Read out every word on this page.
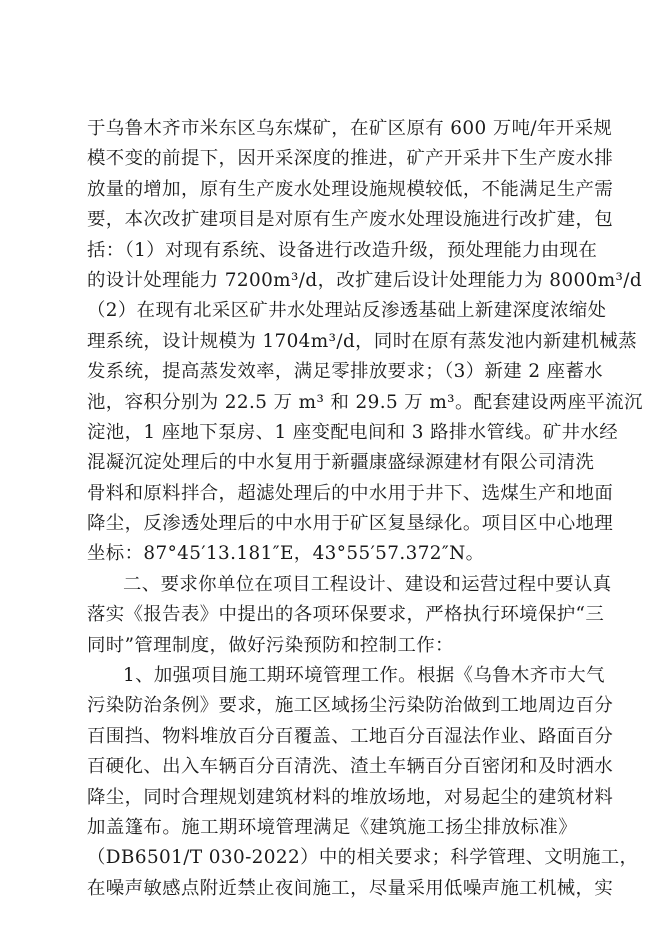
于乌鲁木齐市米东区乌东煤矿，在矿区原有 600 万吨/年开采规
模不变的前提下，因开采深度的推进，矿产开采井下生产废水排
放量的增加，原有生产废水处理设施规模较低，不能满足生产需
要，本次改扩建项目是对原有生产废水处理设施进行改扩建，包
括：（1）对现有系统、设备进行改造升级，预处理能力由现在
的设计处理能力 7200m³/d，改扩建后设计处理能力为 8000m³/d
（2）在现有北采区矿井水处理站反渗透基础上新建深度浓缩处
理系统，设计规模为 1704m³/d，同时在原有蒸发池内新建机械蒸
发系统，提高蒸发效率，满足零排放要求；（3）新建 2 座蓄水
池，容积分别为 22.5 万 m³ 和 29.5 万 m³。配套建设两座平流沉
淀池，1 座地下泵房、1 座变配电间和 3 路排水管线。矿井水经
混凝沉淀处理后的中水复用于新疆康盛绿源建材有限公司清洗
骨料和原料拌合，超滤处理后的中水用于井下、选煤生产和地面
降尘，反渗透处理后的中水用于矿区复垦绿化。项目区中心地理
坐标：87°45′13.181″E，43°55′57.372″N。
二、要求你单位在项目工程设计、建设和运营过程中要认真
落实《报告表》中提出的各项环保要求，严格执行环境保护“三
同时”管理制度，做好污染预防和控制工作：
1、加强项目施工期环境管理工作。根据《乌鲁木齐市大气
污染防治条例》要求，施工区域扬尘污染防治做到工地周边百分
百围挡、物料堆放百分百覆盖、工地百分百湿法作业、路面百分
百硬化、出入车辆百分百清洗、渣土车辆百分百密闭和及时洒水
降尘，同时合理规划建筑材料的堆放场地，对易起尘的建筑材料
加盖篷布。施工期环境管理满足《建筑施工扬尘排放标准》
（DB6501/T 030-2022）中的相关要求；科学管理、文明施工，
在噪声敏感点附近禁止夜间施工，尽量采用低噪声施工机械，实
